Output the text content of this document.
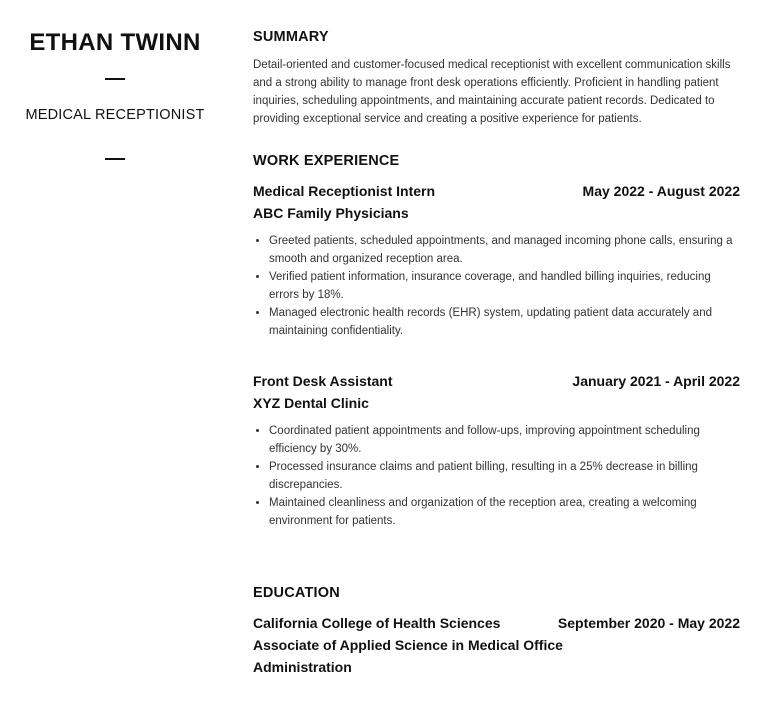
ETHAN TWINN
MEDICAL RECEPTIONIST
SUMMARY
Detail-oriented and customer-focused medical receptionist with excellent communication skills and a strong ability to manage front desk operations efficiently. Proficient in handling patient inquiries, scheduling appointments, and maintaining accurate patient records. Dedicated to providing exceptional service and creating a positive experience for patients.
WORK EXPERIENCE
Medical Receptionist Intern	May 2022 - August 2022
ABC Family Physicians
• Greeted patients, scheduled appointments, and managed incoming phone calls, ensuring a smooth and organized reception area.
• Verified patient information, insurance coverage, and handled billing inquiries, reducing errors by 18%.
• Managed electronic health records (EHR) system, updating patient data accurately and maintaining confidentiality.
Front Desk Assistant	January 2021 - April 2022
XYZ Dental Clinic
• Coordinated patient appointments and follow-ups, improving appointment scheduling efficiency by 30%.
• Processed insurance claims and patient billing, resulting in a 25% decrease in billing discrepancies.
• Maintained cleanliness and organization of the reception area, creating a welcoming environment for patients.
EDUCATION
California College of Health Sciences	September 2020 - May 2022
Associate of Applied Science in Medical Office Administration
